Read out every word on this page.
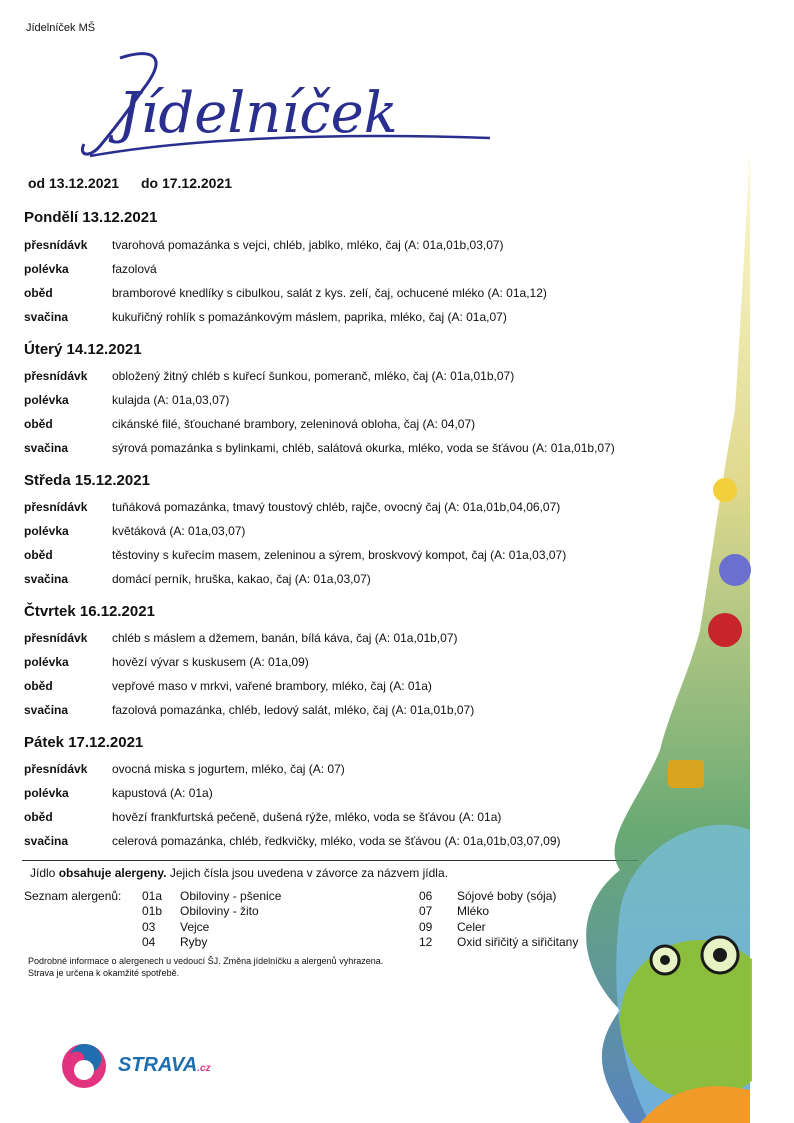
Jídelníček MŠ
Jídelníček
od 13.12.2021 do 17.12.2021
Pondělí 13.12.2021
přesnídávk tvarohová pomazánka s vejci, chléb, jablko, mléko, čaj (A: 01a,01b,03,07)
polévka	fazolová
oběd	bramborové knedlíky s cibulkou, salát z kys. zelí, čaj, ochucené mléko (A: 01a,12)
svačina	kukuřičný rohlík s pomazánkovým máslem, paprika, mléko, čaj (A: 01a,07)
Úterý 14.12.2021
přesnídávk obložený žitný chléb s kuřecí šunkou, pomeranč, mléko, čaj (A: 01a,01b,07)
polévka	kulajda (A: 01a,03,07)
oběd	cikánské filé, šťouchané brambory, zeleninová obloha, čaj (A: 04,07)
svačina	sýrová pomazánka s bylinkami, chléb, salátová okurka, mléko, voda se šťávou (A: 01a,01b,07)
Středa 15.12.2021
přesnídávk tuňáková pomazánka, tmavý toustový chléb, rajče, ovocný čaj (A: 01a,01b,04,06,07)
polévka	květáková (A: 01a,03,07)
oběd	těstoviny s kuřecím masem, zeleninou a sýrem, broskvový kompot, čaj (A: 01a,03,07)
svačina	domácí perník, hruška, kakao, čaj (A: 01a,03,07)
Čtvrtek 16.12.2021
přesnídávk chléb s máslem a džemem, banán, bílá káva, čaj (A: 01a,01b,07)
polévka	hovězí vývar s kuskusem (A: 01a,09)
oběd	vepřové maso v mrkvi, vařené brambory, mléko, čaj (A: 01a)
svačina	fazolová pomazánka, chléb, ledový salát, mléko, čaj (A: 01a,01b,07)
Pátek 17.12.2021
přesnídávk ovocná miska s jogurtem, mléko, čaj (A: 07)
polévka	kapustová (A: 01a)
oběd	hovězí frankfurtská pečeně, dušená rýže, mléko, voda se šťávou (A: 01a)
svačina	celerová pomazánka, chléb, ředkvičky, mléko, voda se šťávou (A: 01a,01b,03,07,09)
Jídlo obsahuje alergeny. Jejich čísla jsou uvedena v závorce za názvem jídla.
Seznam alergenů: 01a Obiloviny - pšenice
01b Obiloviny - žito
03 Vejce
04 Ryby
06 Sójové boby (sója)
07 Mléko
09 Celer
12 Oxid siřičitý a siřičitany
Podrobné informace o alergenech u vedoucí ŠJ. Změna jídelníčku a alergenů vyhrazena.
Strava je určena k okamžité spotřebě.
STRAVA.cz
